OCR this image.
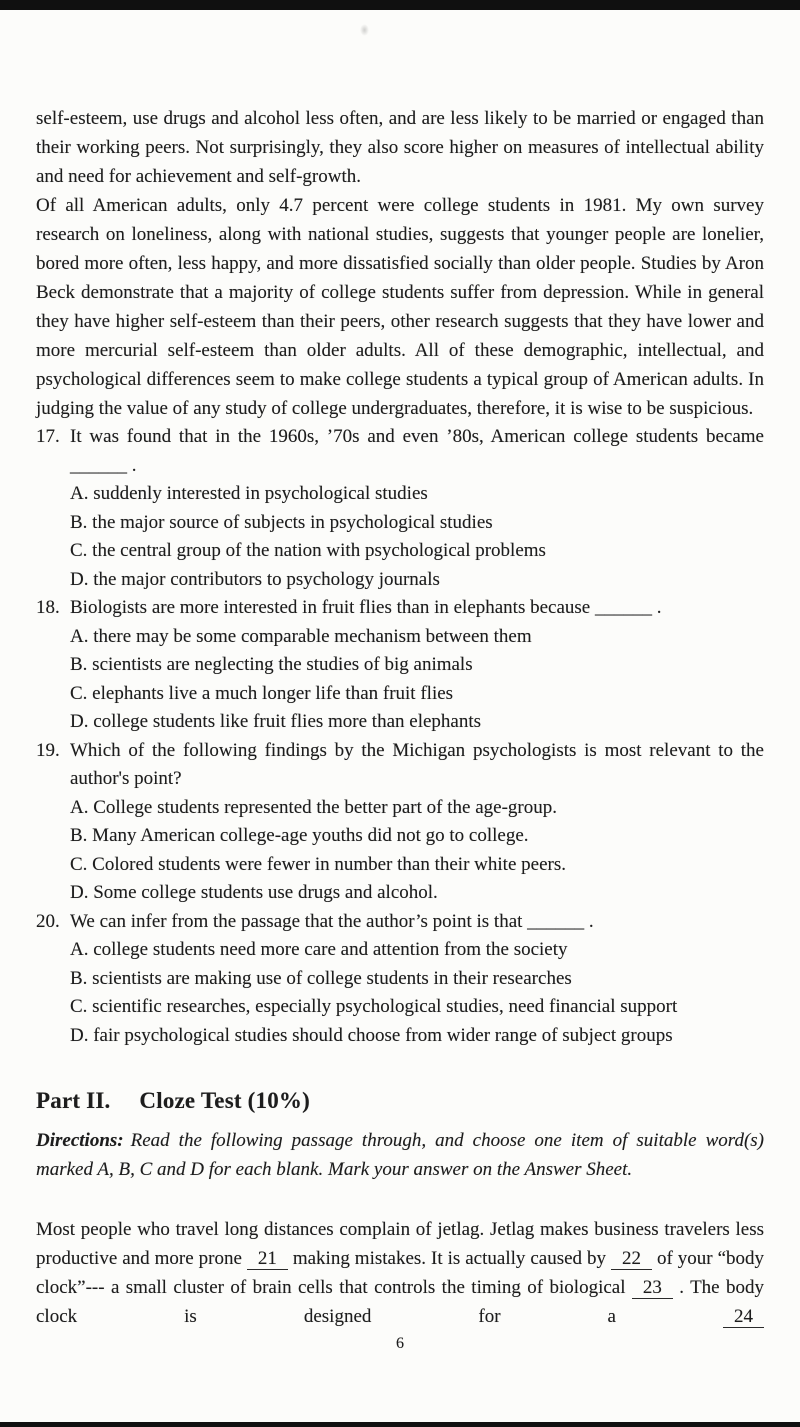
self-esteem, use drugs and alcohol less often, and are less likely to be married or engaged than their working peers. Not surprisingly, they also score higher on measures of intellectual ability and need for achievement and self-growth.

Of all American adults, only 4.7 percent were college students in 1981. My own survey research on loneliness, along with national studies, suggests that younger people are lonelier, bored more often, less happy, and more dissatisfied socially than older people. Studies by Aron Beck demonstrate that a majority of college students suffer from depression. While in general they have higher self-esteem than their peers, other research suggests that they have lower and more mercurial self-esteem than older adults. All of these demographic, intellectual, and psychological differences seem to make college students a typical group of American adults. In judging the value of any study of college undergraduates, therefore, it is wise to be suspicious.

17. It was found that in the 1960s, ’70s and even ’80s, American college students became ______ .

A. suddenly interested in psychological studies

B. the major source of subjects in psychological studies

C. the central group of the nation with psychological problems

D. the major contributors to psychology journals

18. Biologists are more interested in fruit flies than in elephants because ______ .

A. there may be some comparable mechanism between them

B. scientists are neglecting the studies of big animals

C. elephants live a much longer life than fruit flies

D. college students like fruit flies more than elephants

19. Which of the following findings by the Michigan psychologists is most relevant to the author's point?

A. College students represented the better part of the age-group.

B. Many American college-age youths did not go to college.

C. Colored students were fewer in number than their white peers.

D. Some college students use drugs and alcohol.

20. We can infer from the passage that the author’s point is that ______ .

A. college students need more care and attention from the society

B. scientists are making use of college students in their researches

C. scientific researches, especially psychological studies, need financial support

D. fair psychological studies should choose from wider range of subject groups

Part II. Cloze Test (10%)

Directions: Read the following passage through, and choose one item of suitable word(s) marked A, B, C and D for each blank. Mark your answer on the Answer Sheet.

Most people who travel long distances complain of jetlag. Jetlag makes business travelers less productive and more prone 21 making mistakes. It is actually caused by 22 of your “body clock”--- a small cluster of brain cells that controls the timing of biological 23 . The body clock is designed for a 24

6
